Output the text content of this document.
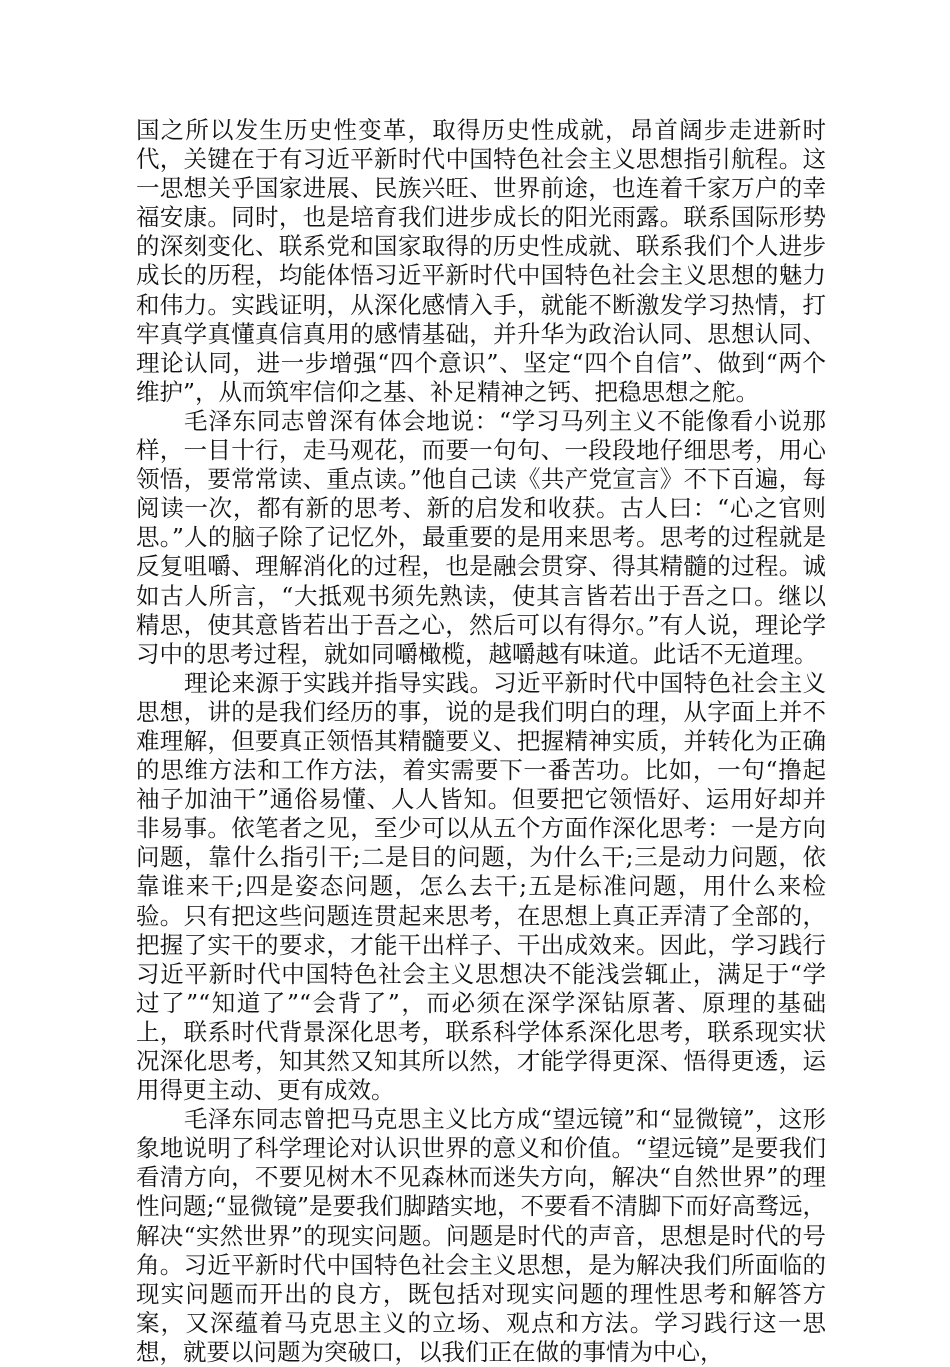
国之所以发生历史性变革，取得历史性成就，昂首阔步走进新时代，关键在于有习近平新时代中国特色社会主义思想指引航程。这一思想关乎国家进展、民族兴旺、世界前途，也连着千家万户的幸福安康。同时，也是培育我们进步成长的阳光雨露。联系国际形势的深刻变化、联系党和国家取得的历史性成就、联系我们个人进步成长的历程，均能体悟习近平新时代中国特色社会主义思想的魅力和伟力。实践证明，从深化感情入手，就能不断激发学习热情，打牢真学真懂真信真用的感情基础，并升华为政治认同、思想认同、理论认同，进一步增强“四个意识”、坚定“四个自信”、做到“两个维护”，从而筑牢信仰之基、补足精神之钙、把稳思想之舵。

毛泽东同志曾深有体会地说：“学习马列主义不能像看小说那样，一目十行，走马观花，而要一句句、一段段地仔细思考，用心领悟，要常常读、重点读。”他自己读《共产党宣言》不下百遍，每阅读一次，都有新的思考、新的启发和收获。古人曰：“心之官则思。”人的脑子除了记忆外，最重要的是用来思考。思考的过程就是反复咀嚼、理解消化的过程，也是融会贯穿、得其精髓的过程。诚如古人所言，“大抵观书须先熟读，使其言皆若出于吾之口。继以精思，使其意皆若出于吾之心，然后可以有得尔。”有人说，理论学习中的思考过程，就如同嚼橄榄，越嚼越有味道。此话不无道理。

理论来源于实践并指导实践。习近平新时代中国特色社会主义思想，讲的是我们经历的事，说的是我们明白的理，从字面上并不难理解，但要真正领悟其精髓要义、把握精神实质，并转化为正确的思维方法和工作方法，着实需要下一番苦功。比如，一句“撸起袖子加油干”通俗易懂、人人皆知。但要把它领悟好、运用好却并非易事。依笔者之见，至少可以从五个方面作深化思考：一是方向问题，靠什么指引干;二是目的问题，为什么干;三是动力问题，依靠谁来干;四是姿态问题，怎么去干;五是标准问题，用什么来检验。只有把这些问题连贯起来思考，在思想上真正弄清了全部的，把握了实干的要求，才能干出样子、干出成效来。因此，学习践行习近平新时代中国特色社会主义思想决不能浅尝辄止，满足于“学过了”“知道了”“会背了”，而必须在深学深钻原著、原理的基础上，联系时代背景深化思考，联系科学体系深化思考，联系现实状况深化思考，知其然又知其所以然，才能学得更深、悟得更透，运用得更主动、更有成效。

毛泽东同志曾把马克思主义比方成“望远镜”和“显微镜”，这形象地说明了科学理论对认识世界的意义和价值。“望远镜”是要我们看清方向，不要见树木不见森林而迷失方向，解决“自然世界”的理性问题;“显微镜”是要我们脚踏实地，不要看不清脚下而好高骛远，解决“实然世界”的现实问题。问题是时代的声音，思想是时代的号角。习近平新时代中国特色社会主义思想，是为解决我们所面临的现实问题而开出的良方，既包括对现实问题的理性思考和解答方案，又深蕴着马克思主义的立场、观点和方法。学习践行这一思想，就要以问题为突破口，以我们正在做的事情为中心，
